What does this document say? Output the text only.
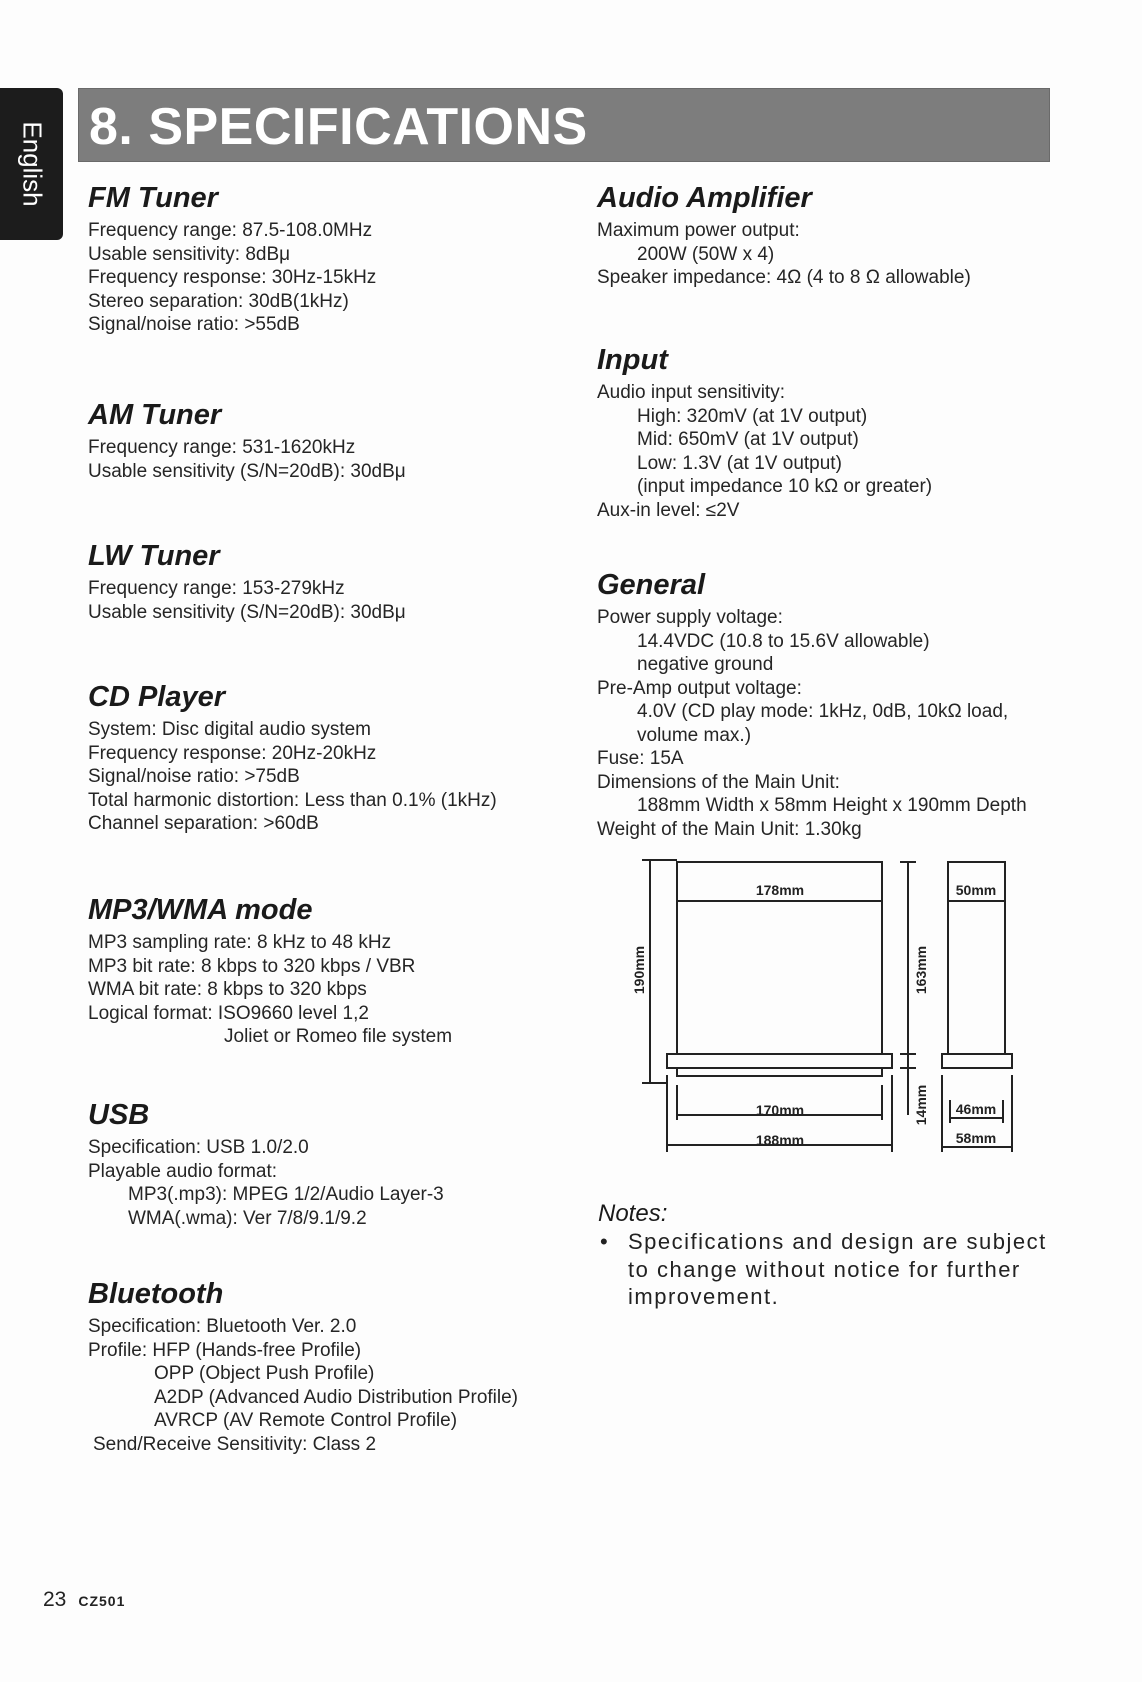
English 8. SPECIFICATIONS
FM Tuner
Frequency range: 87.5-108.0MHz
Usable sensitivity: 8dBμ
Frequency response: 30Hz-15kHz
Stereo separation: 30dB(1kHz)
Signal/noise ratio: >55dB
AM Tuner
Frequency range: 531-1620kHz
Usable sensitivity (S/N=20dB): 30dBμ
LW Tuner
Frequency range: 153-279kHz
Usable sensitivity (S/N=20dB): 30dBμ
CD Player
System: Disc digital audio system
Frequency response: 20Hz-20kHz
Signal/noise ratio: >75dB
Total harmonic distortion: Less than 0.1% (1kHz)
Channel separation: >60dB
MP3/WMA mode
MP3 sampling rate: 8 kHz to 48 kHz
MP3 bit rate: 8 kbps to 320 kbps / VBR
WMA bit rate: 8 kbps to 320 kbps
Logical format: ISO9660 level 1,2
Joliet or Romeo file system
USB
Specification: USB 1.0/2.0
Playable audio format:
MP3(.mp3): MPEG 1/2/Audio Layer-3
WMA(.wma): Ver 7/8/9.1/9.2
Bluetooth
Specification: Bluetooth Ver. 2.0
Profile: HFP (Hands-free Profile)
OPP (Object Push Profile)
A2DP (Advanced Audio Distribution Profile)
AVRCP (AV Remote Control Profile)
Send/Receive Sensitivity: Class 2
Audio Amplifier
Maximum power output:
200W (50W x 4)
Speaker impedance: 4Ω (4 to 8 Ω allowable)
Input
Audio input sensitivity:
High: 320mV (at 1V output)
Mid: 650mV (at 1V output)
Low: 1.3V (at 1V output)
(input impedance 10 kΩ or greater)
Aux-in level: ≤2V
General
Power supply voltage:
14.4VDC (10.8 to 15.6V allowable)
negative ground
Pre-Amp output voltage:
4.0V (CD play mode: 1kHz, 0dB, 10kΩ load,
volume max.)
Fuse: 15A
Dimensions of the Main Unit:
188mm Width x 58mm Height x 190mm Depth
Weight of the Main Unit: 1.30kg
178mm	50mm
190mm	163mm
14mm
170mm
188mm
46mm
58mm
Notes:
• Specifications and design are subject to change without notice for further improvement.
23 CZ501
